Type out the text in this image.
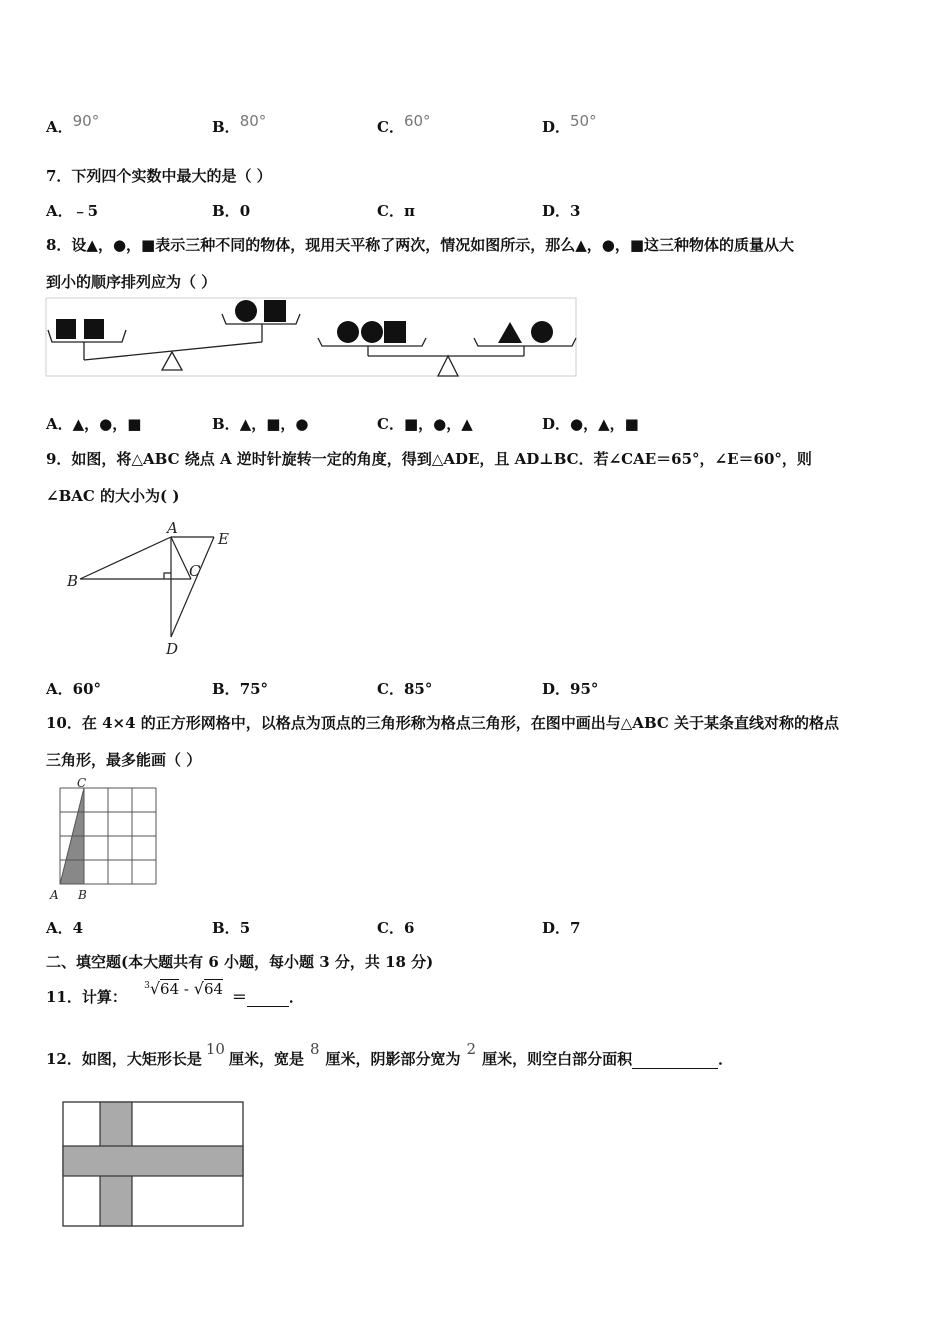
A．90°	B．80°	C．60°	D．50°
7．下列四个实数中最大的是（ ）
A．﹣5	B．0	C．π	D．3
8．设▲，●，■表示三种不同的物体，现用天平称了两次，情况如图所示，那么▲，●，■这三种物体的质量从大
到小的顺序排列应为（ ）
A．▲，●，■	B．▲，■，●	C．■，●，▲	D．●，▲，■
9．如图，将△ABC 绕点 A 逆时针旋转一定的角度，得到△ADE，且 AD⊥BC．若∠CAE＝65°，∠E＝60°，则
∠BAC 的大小为( )
A
B
C
D
E
A．60°	B．75°	C．85°	D．95°
10．在 4×4 的正方形网格中，以格点为顶点的三角形称为格点三角形，在图中画出与△ABC 关于某条直线对称的格点
三角形，最多能画（ ）
A B
C
A．4	B．5	C．6	D．7
二、填空题(本大题共有 6 小题，每小题 3 分，共 18 分)
11．计算： $^3$√64 - √64 ＝	．
12．如图，大矩形长是10厘米，宽是8厘米，阴影部分宽为2厘米，则空白部分面积	．
